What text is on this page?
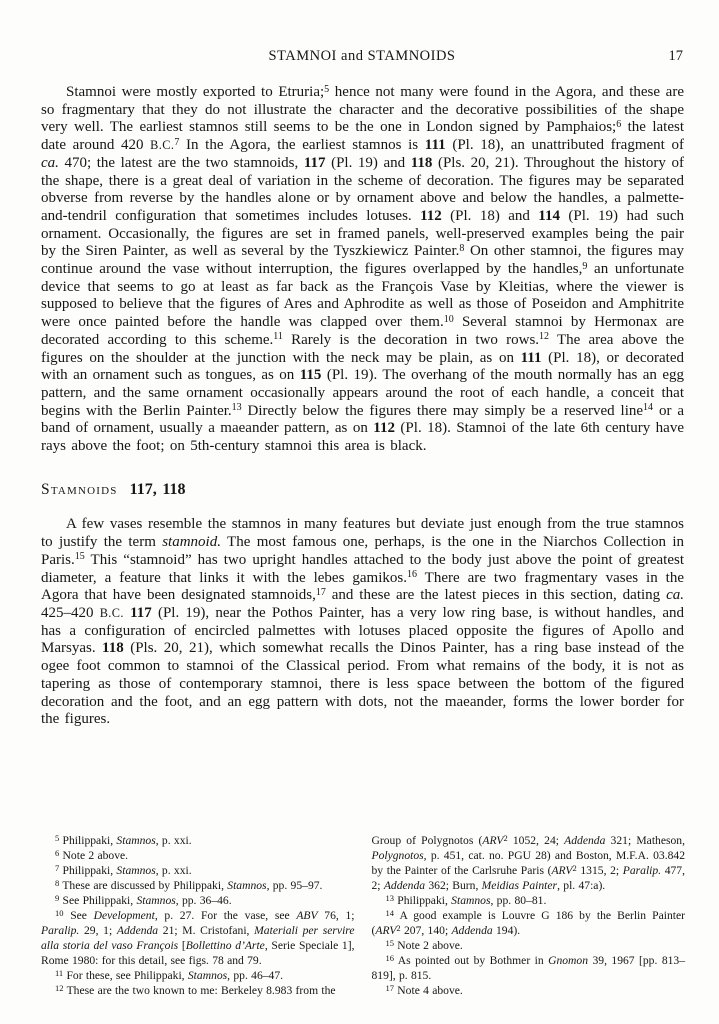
STAMNOI and STAMNOIDS	17

Stamnoi were mostly exported to Etruria;$^5$ hence not many were found in the Agora, and these are so fragmentary that they do not illustrate the character and the decorative possibilities of the shape very well. The earliest stamnos still seems to be the one in London signed by Pamphaios;$^6$ the latest date around 420 B.C.$^7$ In the Agora, the earliest stamnos is 111 (Pl. 18), an unattributed fragment of ca. 470; the latest are the two stamnoids, 117 (Pl. 19) and 118 (Pls. 20, 21). Throughout the history of the shape, there is a great deal of variation in the scheme of decoration. The figures may be separated obverse from reverse by the handles alone or by ornament above and below the handles, a palmette-and-tendril configuration that sometimes includes lotuses. 112 (Pl. 18) and 114 (Pl. 19) had such ornament. Occasionally, the figures are set in framed panels, well-preserved examples being the pair by the Siren Painter, as well as several by the Tyszkiewicz Painter.$^8$ On other stamnoi, the figures may continue around the vase without interruption, the figures overlapped by the handles,$^9$ an unfortunate device that seems to go at least as far back as the François Vase by Kleitias, where the viewer is supposed to believe that the figures of Ares and Aphrodite as well as those of Poseidon and Amphitrite were once painted before the handle was clapped over them.$^{10}$ Several stamnoi by Hermonax are decorated according to this scheme.$^{11}$ Rarely is the decoration in two rows.$^{12}$ The area above the figures on the shoulder at the junction with the neck may be plain, as on 111 (Pl. 18), or decorated with an ornament such as tongues, as on 115 (Pl. 19). The overhang of the mouth normally has an egg pattern, and the same ornament occasionally appears around the root of each handle, a conceit that begins with the Berlin Painter.$^{13}$ Directly below the figures there may simply be a reserved line$^{14}$ or a band of ornament, usually a maeander pattern, as on 112 (Pl. 18). Stamnoi of the late 6th century have rays above the foot; on 5th-century stamnoi this area is black.

Stamnoids 117, 118

A few vases resemble the stamnos in many features but deviate just enough from the true stamnos to justify the term stamnoid. The most famous one, perhaps, is the one in the Niarchos Collection in Paris.$^{15}$ This “stamnoid” has two upright handles attached to the body just above the point of greatest diameter, a feature that links it with the lebes gamikos.$^{16}$ There are two fragmentary vases in the Agora that have been designated stamnoids,$^{17}$ and these are the latest pieces in this section, dating ca. 425–420 B.C. 117 (Pl. 19), near the Pothos Painter, has a very low ring base, is without handles, and has a configuration of encircled palmettes with lotuses placed opposite the figures of Apollo and Marsyas. 118 (Pls. 20, 21), which somewhat recalls the Dinos Painter, has a ring base instead of the ogee foot common to stamnoi of the Classical period. From what remains of the body, it is not as tapering as those of contemporary stamnoi, there is less space between the bottom of the figured decoration and the foot, and an egg pattern with dots, not the maeander, forms the lower border for the figures.

$^5$ Philippaki, Stamnos, p. xxi.

$^6$ Note 2 above.

$^7$ Philippaki, Stamnos, p. xxi.

$^8$ These are discussed by Philippaki, Stamnos, pp. 95–97.

$^9$ See Philippaki, Stamnos, pp. 36–46.

$^{10}$ See Development, p. 27. For the vase, see ABV 76, 1; Paralip. 29, 1; Addenda 21; M. Cristofani, Materiali per servire alla storia del vaso François [Bollettino d’Arte, Serie Speciale 1], Rome 1980: for this detail, see figs. 78 and 79.

$^{11}$ For these, see Philippaki, Stamnos, pp. 46–47.

$^{12}$ These are the two known to me: Berkeley 8.983 from the

Group of Polygnotos (ARV$^2$ 1052, 24; Addenda 321; Matheson, Polygnotos, p. 451, cat. no. PGU 28) and Boston, M.F.A. 03.842 by the Painter of the Carlsruhe Paris (ARV$^2$ 1315, 2; Paralip. 477, 2; Addenda 362; Burn, Meidias Painter, pl. 47:a).

$^{13}$ Philippaki, Stamnos, pp. 80–81.

$^{14}$ A good example is Louvre G 186 by the Berlin Painter (ARV$^2$ 207, 140; Addenda 194).

$^{15}$ Note 2 above.

$^{16}$ As pointed out by Bothmer in Gnomon 39, 1967 [pp. 813–819], p. 815.

$^{17}$ Note 4 above.
